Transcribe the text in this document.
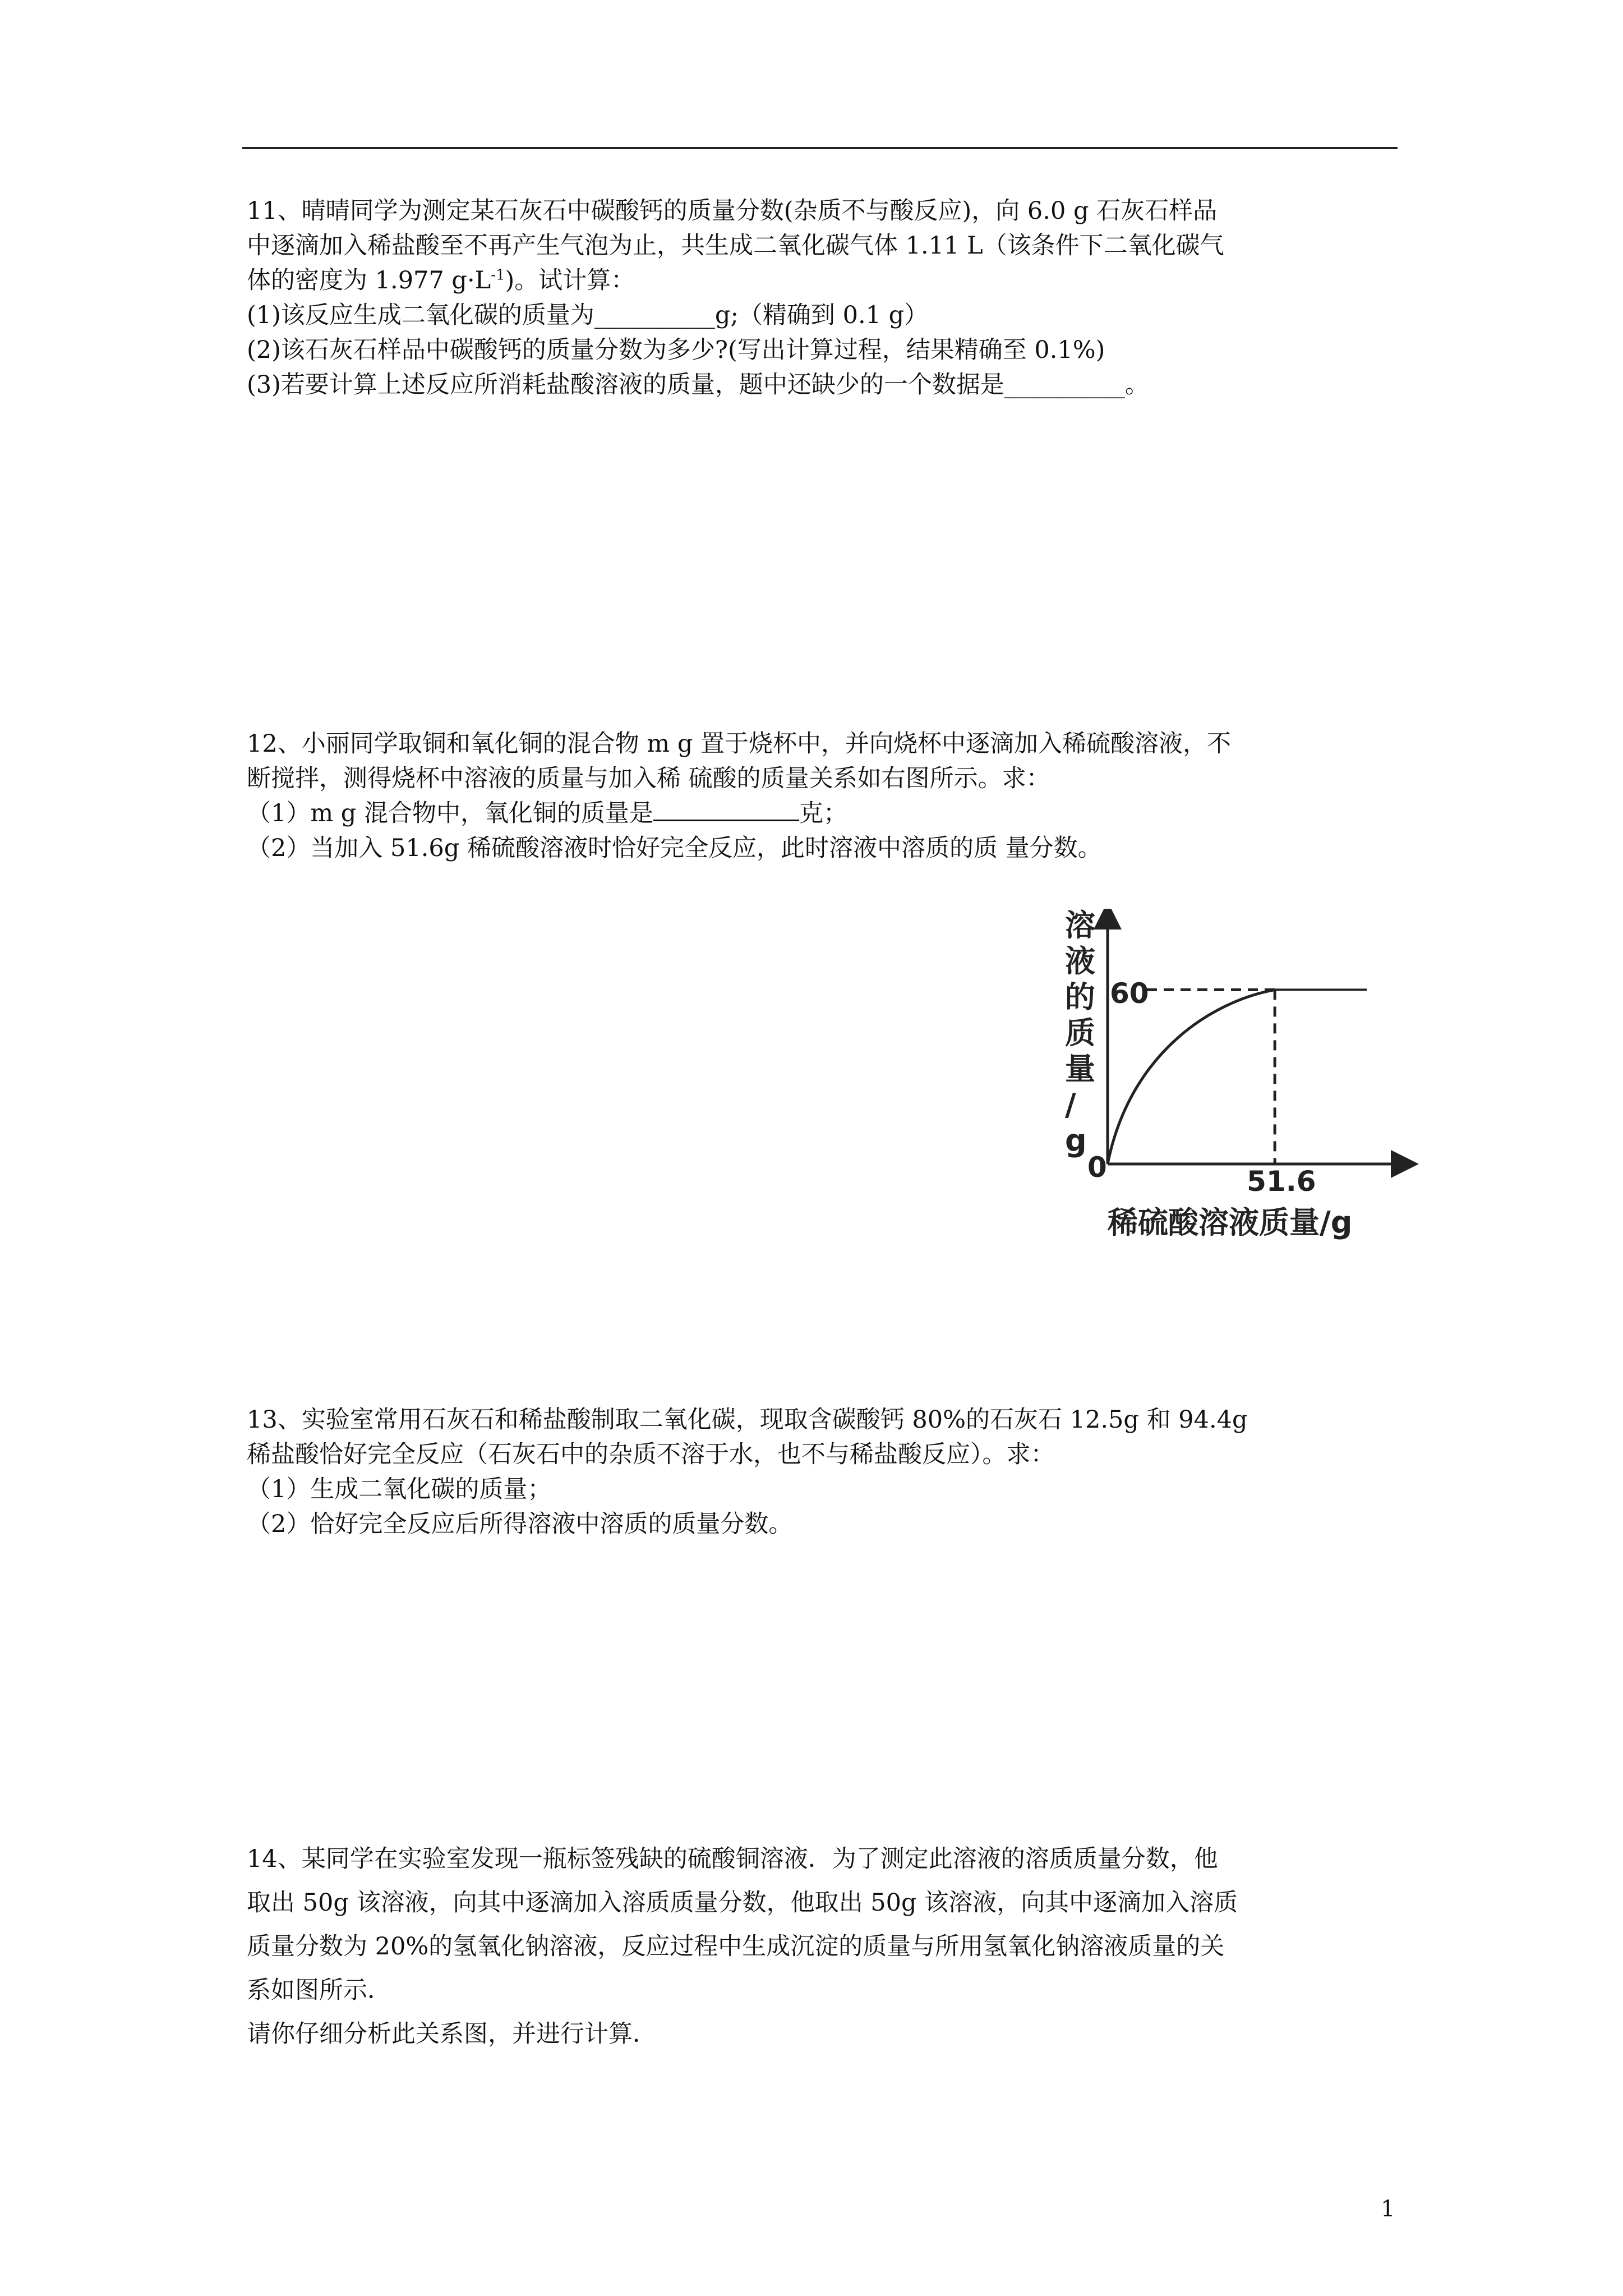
11、晴晴同学为测定某石灰石中碳酸钙的质量分数(杂质不与酸反应)，向 6.0 g 石灰石样品

中逐滴加入稀盐酸至不再产生气泡为止，共生成二氧化碳气体 1.11 L（该条件下二氧化碳气

体的密度为 1.977 $g\cdot L^{-1}$)。试计算：

(1)该反应生成二氧化碳的质量为__________g;（精确到 0.1 g）

(2)该石灰石样品中碳酸钙的质量分数为多少?(写出计算过程，结果精确至 0.1%)

(3)若要计算上述反应所消耗盐酸溶液的质量，题中还缺少的一个数据是__________。

12、小丽同学取铜和氧化铜的混合物 m g 置于烧杯中，并向烧杯中逐滴加入稀硫酸溶液，不

断搅拌，测得烧杯中溶液的质量与加入稀 硫酸的质量关系如右图所示。求：

（1）m g 混合物中，氧化铜的质量是	克；

（2）当加入 51.6g 稀硫酸溶液时恰好完全反应，此时溶液中溶质的质 量分数。

溶
液
的
质
量
/
g
0
60
51.6
稀硫酸溶液质量/g

13、实验室常用石灰石和稀盐酸制取二氧化碳，现取含碳酸钙 80%的石灰石 12.5g 和 94.4g

稀盐酸恰好完全反应（石灰石中的杂质不溶于水，也不与稀盐酸反应）。求：

（1）生成二氧化碳的质量；

（2）恰好完全反应后所得溶液中溶质的质量分数。

14、某同学在实验室发现一瓶标签残缺的硫酸铜溶液．为了测定此溶液的溶质质量分数，他

取出 50g 该溶液，向其中逐滴加入溶质质量分数，他取出 50g 该溶液，向其中逐滴加入溶质

质量分数为 20%的氢氧化钠溶液，反应过程中生成沉淀的质量与所用氢氧化钠溶液质量的关

系如图所示．

请你仔细分析此关系图，并进行计算．

1
